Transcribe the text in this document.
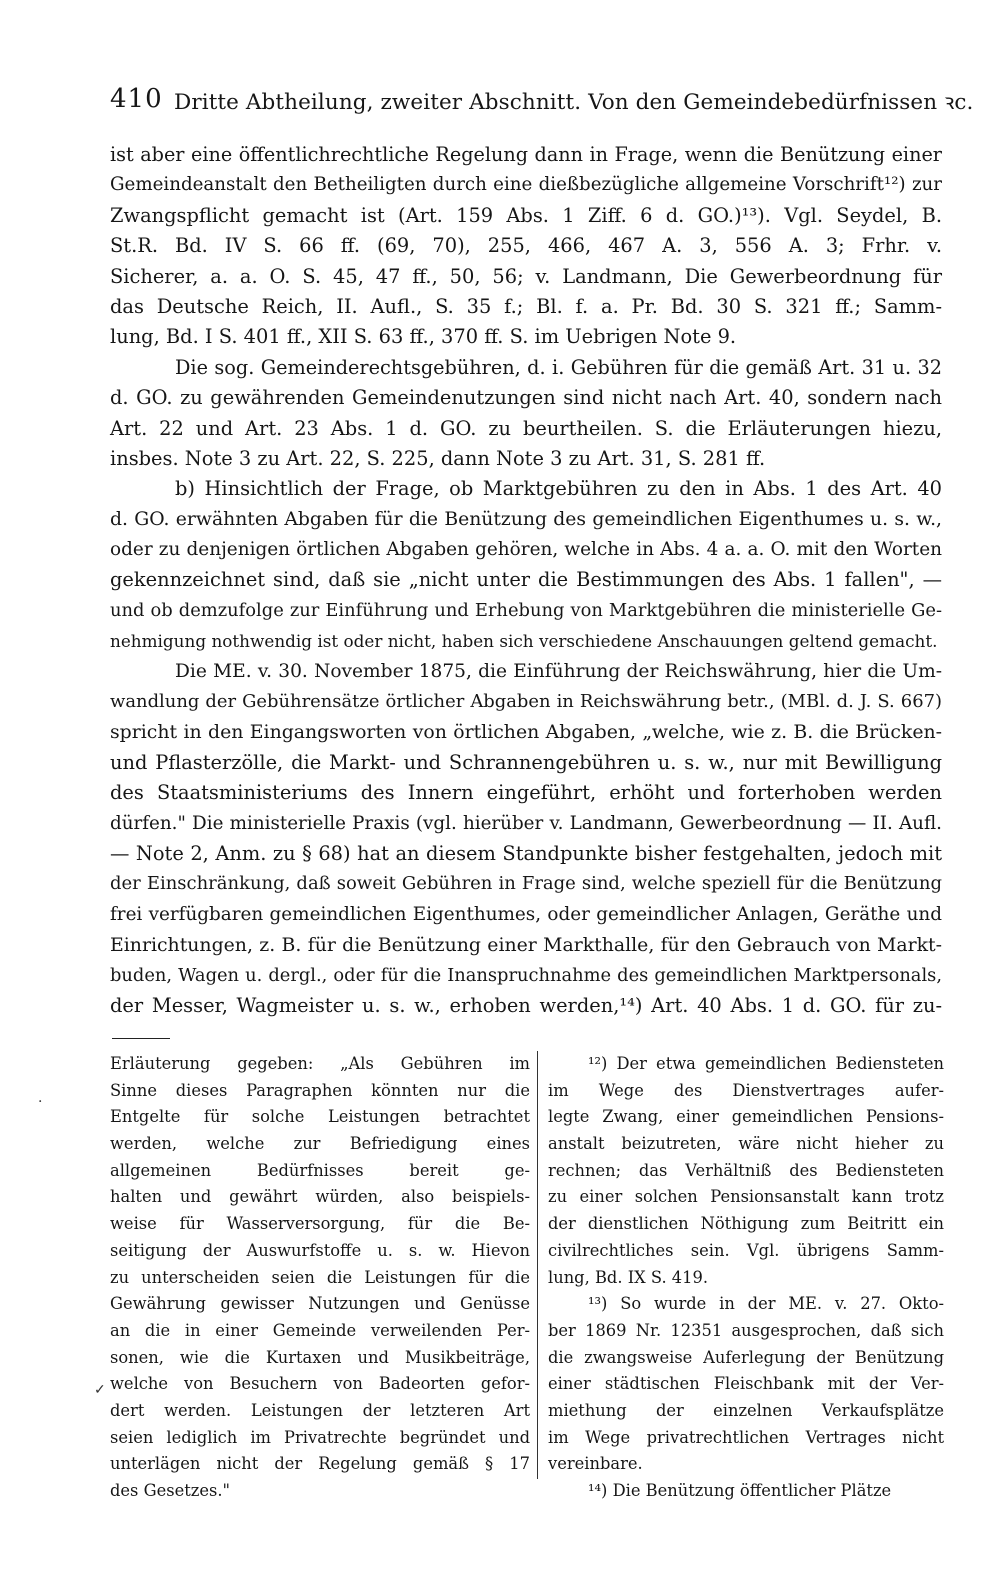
410 Dritte Abtheilung, zweiter Abschnitt. Von den Gemeindebedürfnissen ꝛc.
ist aber eine öffentlichrechtliche Regelung dann in Frage, wenn die Benützung einer
Gemeindeanstalt den Betheiligten durch eine dießbezügliche allgemeine Vorschrift¹²) zur
Zwangspflicht gemacht ist (Art. 159 Abs. 1 Ziff. 6 d. GO.)¹³). Vgl. Seydel, B.
St.R. Bd. IV S. 66 ff. (69, 70), 255, 466, 467 A. 3, 556 A. 3; Frhr. v.
Sicherer, a. a. O. S. 45, 47 ff., 50, 56; v. Landmann, Die Gewerbeordnung für
das Deutsche Reich, II. Aufl., S. 35 f.; Bl. f. a. Pr. Bd. 30 S. 321 ff.; Samm-
lung, Bd. I S. 401 ff., XII S. 63 ff., 370 ff. S. im Uebrigen Note 9.
Die sog. Gemeinderechtsgebühren, d. i. Gebühren für die gemäß Art. 31 u. 32
d. GO. zu gewährenden Gemeindenutzungen sind nicht nach Art. 40, sondern nach
Art. 22 und Art. 23 Abs. 1 d. GO. zu beurtheilen. S. die Erläuterungen hiezu,
insbes. Note 3 zu Art. 22, S. 225, dann Note 3 zu Art. 31, S. 281 ff.
b) Hinsichtlich der Frage, ob Marktgebühren zu den in Abs. 1 des Art. 40
d. GO. erwähnten Abgaben für die Benützung des gemeindlichen Eigenthumes u. s. w.,
oder zu denjenigen örtlichen Abgaben gehören, welche in Abs. 4 a. a. O. mit den Worten
gekennzeichnet sind, daß sie „nicht unter die Bestimmungen des Abs. 1 fallen", —
und ob demzufolge zur Einführung und Erhebung von Marktgebühren die ministerielle Ge-
nehmigung nothwendig ist oder nicht, haben sich verschiedene Anschauungen geltend gemacht.
Die ME. v. 30. November 1875, die Einführung der Reichswährung, hier die Um-
wandlung der Gebührensätze örtlicher Abgaben in Reichswährung betr., (MBl. d. J. S. 667)
spricht in den Eingangsworten von örtlichen Abgaben, „welche, wie z. B. die Brücken-
und Pflasterzölle, die Markt- und Schrannengebühren u. s. w., nur mit Bewilligung
des Staatsministeriums des Innern eingeführt, erhöht und forterhoben werden
dürfen." Die ministerielle Praxis (vgl. hierüber v. Landmann, Gewerbeordnung — II. Aufl.
— Note 2, Anm. zu § 68) hat an diesem Standpunkte bisher festgehalten, jedoch mit
der Einschränkung, daß soweit Gebühren in Frage sind, welche speziell für die Benützung
frei verfügbaren gemeindlichen Eigenthumes, oder gemeindlicher Anlagen, Geräthe und
Einrichtungen, z. B. für die Benützung einer Markthalle, für den Gebrauch von Markt-
buden, Wagen u. dergl., oder für die Inanspruchnahme des gemeindlichen Marktpersonals,
der Messer, Wagmeister u. s. w., erhoben werden,¹⁴) Art. 40 Abs. 1 d. GO. für zu-
Erläuterung gegeben: „Als Gebühren im
Sinne dieses Paragraphen könnten nur die
Entgelte für solche Leistungen betrachtet
werden, welche zur Befriedigung eines
allgemeinen Bedürfnisses bereit ge-
halten und gewährt würden, also beispiels-
weise für Wasserversorgung, für die Be-
seitigung der Auswurfstoffe u. s. w. Hievon
zu unterscheiden seien die Leistungen für die
Gewährung gewisser Nutzungen und Genüsse
an die in einer Gemeinde verweilenden Per-
sonen, wie die Kurtaxen und Musikbeiträge,
welche von Besuchern von Badeorten gefor-
dert werden. Leistungen der letzteren Art
seien lediglich im Privatrechte begründet und
unterlägen nicht der Regelung gemäß § 17
des Gesetzes."
¹²) Der etwa gemeindlichen Bediensteten
im Wege des Dienstvertrages aufer-
legte Zwang, einer gemeindlichen Pensions-
anstalt beizutreten, wäre nicht hieher zu
rechnen; das Verhältniß des Bediensteten
zu einer solchen Pensionsanstalt kann trotz
der dienstlichen Nöthigung zum Beitritt ein
civilrechtliches sein. Vgl. übrigens Samm-
lung, Bd. IX S. 419.
¹³) So wurde in der ME. v. 27. Okto-
ber 1869 Nr. 12351 ausgesprochen, daß sich
die zwangsweise Auferlegung der Benützung
einer städtischen Fleischbank mit der Ver-
miethung der einzelnen Verkaufsplätze
im Wege privatrechtlichen Vertrages nicht
vereinbare.
¹⁴) Die Benützung öffentlicher Plätze
·
✓
